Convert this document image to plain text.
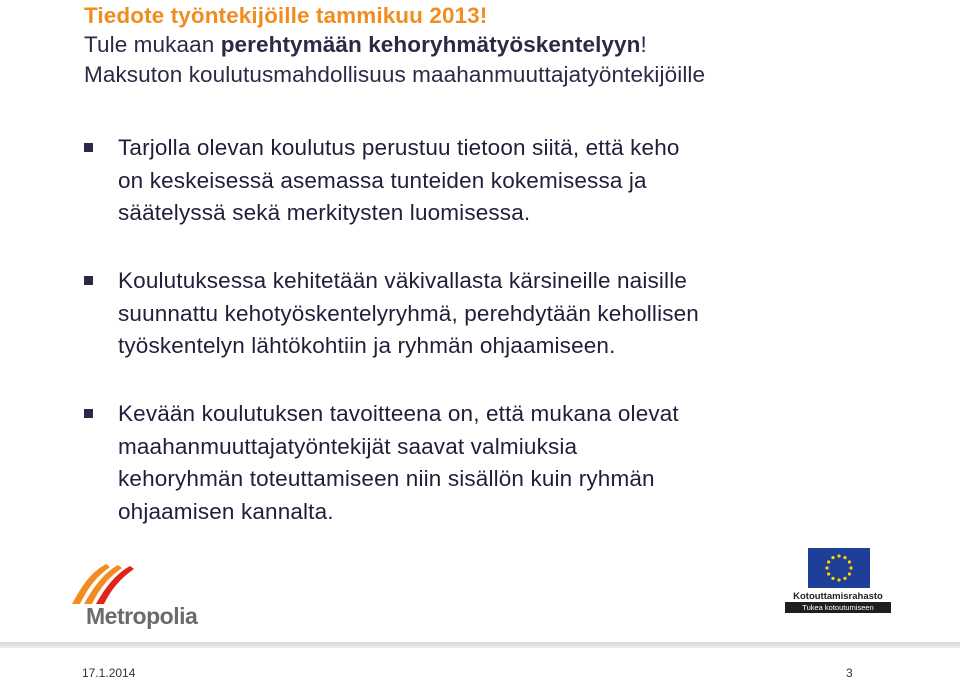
Tiedote työntekijöille tammikuu 2013!
Tule mukaan perehtymään kehoryhmätyöskentelyyn!
Maksuton koulutusmahdollisuus maahanmuuttajatyöntekijöille
Tarjolla olevan koulutus perustuu tietoon siitä, että keho
on keskeisessä asemassa tunteiden kokemisessa ja
säätelyssä sekä merkitysten luomisessa.
Koulutuksessa kehitetään väkivallasta kärsineille naisille
suunnattu kehotyöskentelyryhmä, perehdytään kehollisen
työskentelyn lähtökohtiin ja ryhmän ohjaamiseen.
Kevään koulutuksen tavoitteena on, että mukana olevat
maahanmuuttajatyöntekijät saavat valmiuksia
kehoryhmän toteuttamiseen niin sisällön kuin ryhmän
ohjaamisen kannalta.
Metropolia
Kotouttamisrahasto
Tukea kotoutumiseen
17.1.2014	3
